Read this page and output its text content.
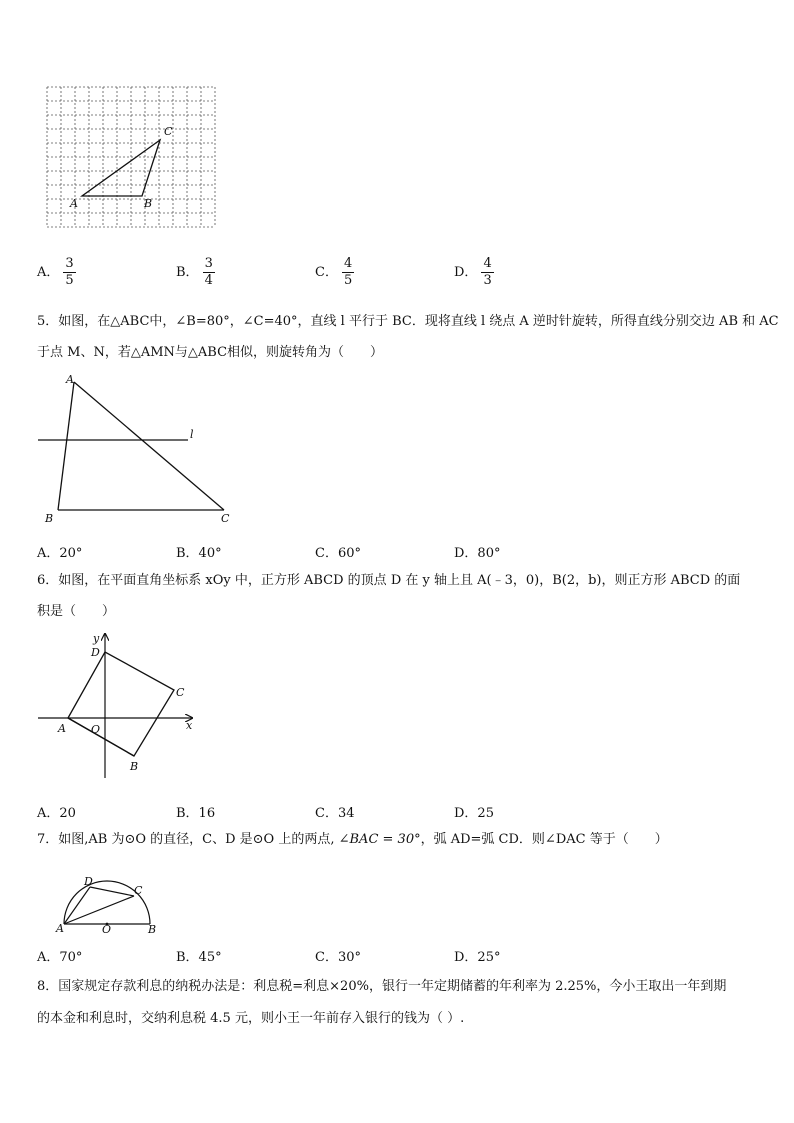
A	B
C
A． $\frac{3}{5}$	B． $\frac{3}{4}$	C． $\frac{4}{5}$	D． $\frac{4}{3}$
5．如图，在△ABC中，∠B=80°，∠C=40°，直线 l 平行于 BC．现将直线 l 绕点 A 逆时针旋转，所得直线分别交边 AB 和 AC
于点 M、N，若△AMN与△ABC相似，则旋转角为（　　）
A
B	C
l
A．20°	B．40°	C．60°	D．80°
6．如图，在平面直角坐标系 xOy 中，正方形 ABCD 的顶点 D 在 y 轴上且 A(﹣3，0)，B(2，b)，则正方形 ABCD 的面
积是（　　）
y
x
D
C
A O
B
A．20	B．16	C．34	D．25
7．如图,AB 为⊙O 的直径，C、D 是⊙O 上的两点, ∠BAC = 30°，弧 AD=弧 CD．则∠DAC 等于（　　）
D
C
A	O	B
A．70°	B．45°	C．30°	D．25°
8．国家规定存款利息的纳税办法是：利息税=利息×20%，银行一年定期储蓄的年利率为 2.25%，今小王取出一年到期
的本金和利息时，交纳利息税 4.5 元，则小王一年前存入银行的钱为（ ）.
